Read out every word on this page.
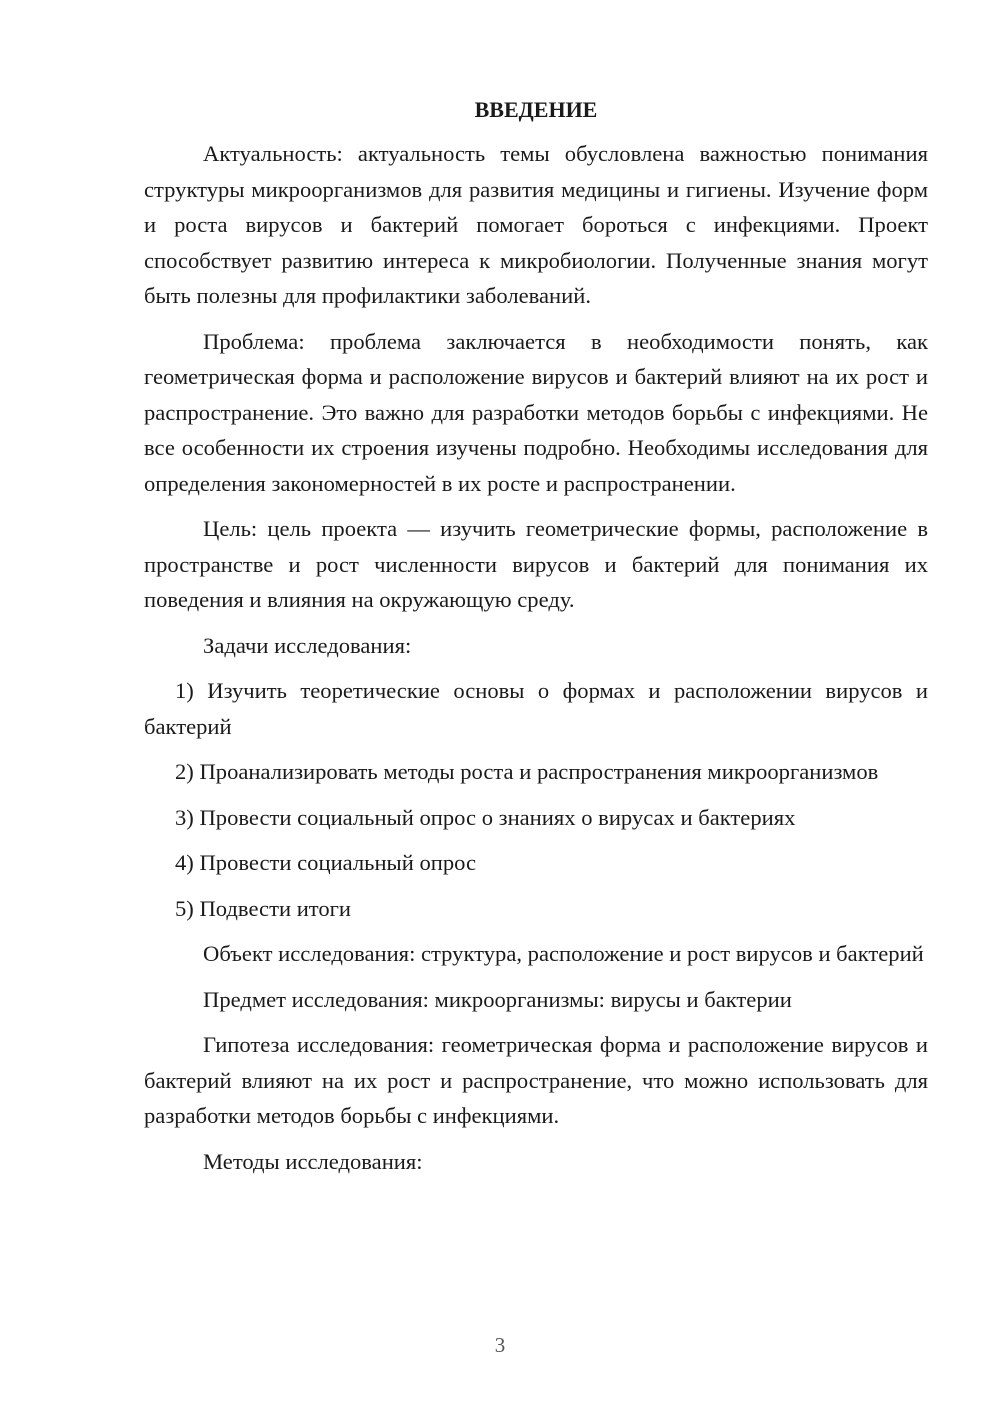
ВВЕДЕНИЕ

Актуальность: актуальность темы обусловлена важностью понимания структуры микроорганизмов для развития медицины и гигиены. Изучение форм и роста вирусов и бактерий помогает бороться с инфекциями. Проект способствует развитию интереса к микробиологии. Полученные знания могут быть полезны для профилактики заболеваний.

Проблема: проблема заключается в необходимости понять, как геометрическая форма и расположение вирусов и бактерий влияют на их рост и распространение. Это важно для разработки методов борьбы с инфекциями. Не все особенности их строения изучены подробно. Необходимы исследования для определения закономерностей в их росте и распространении.

Цель: цель проекта — изучить геометрические формы, расположение в пространстве и рост численности вирусов и бактерий для понимания их поведения и влияния на окружающую среду.

Задачи исследования:

1) Изучить теоретические основы о формах и расположении вирусов и бактерий

2) Проанализировать методы роста и распространения микроорганизмов

3) Провести социальный опрос о знаниях о вирусах и бактериях

4) Провести социальный опрос

5) Подвести итоги

Объект исследования: структура, расположение и рост вирусов и бактерий

Предмет исследования: микроорганизмы: вирусы и бактерии

Гипотеза исследования: геометрическая форма и расположение вирусов и бактерий влияют на их рост и распространение, что можно использовать для разработки методов борьбы с инфекциями.

Методы исследования:

3
